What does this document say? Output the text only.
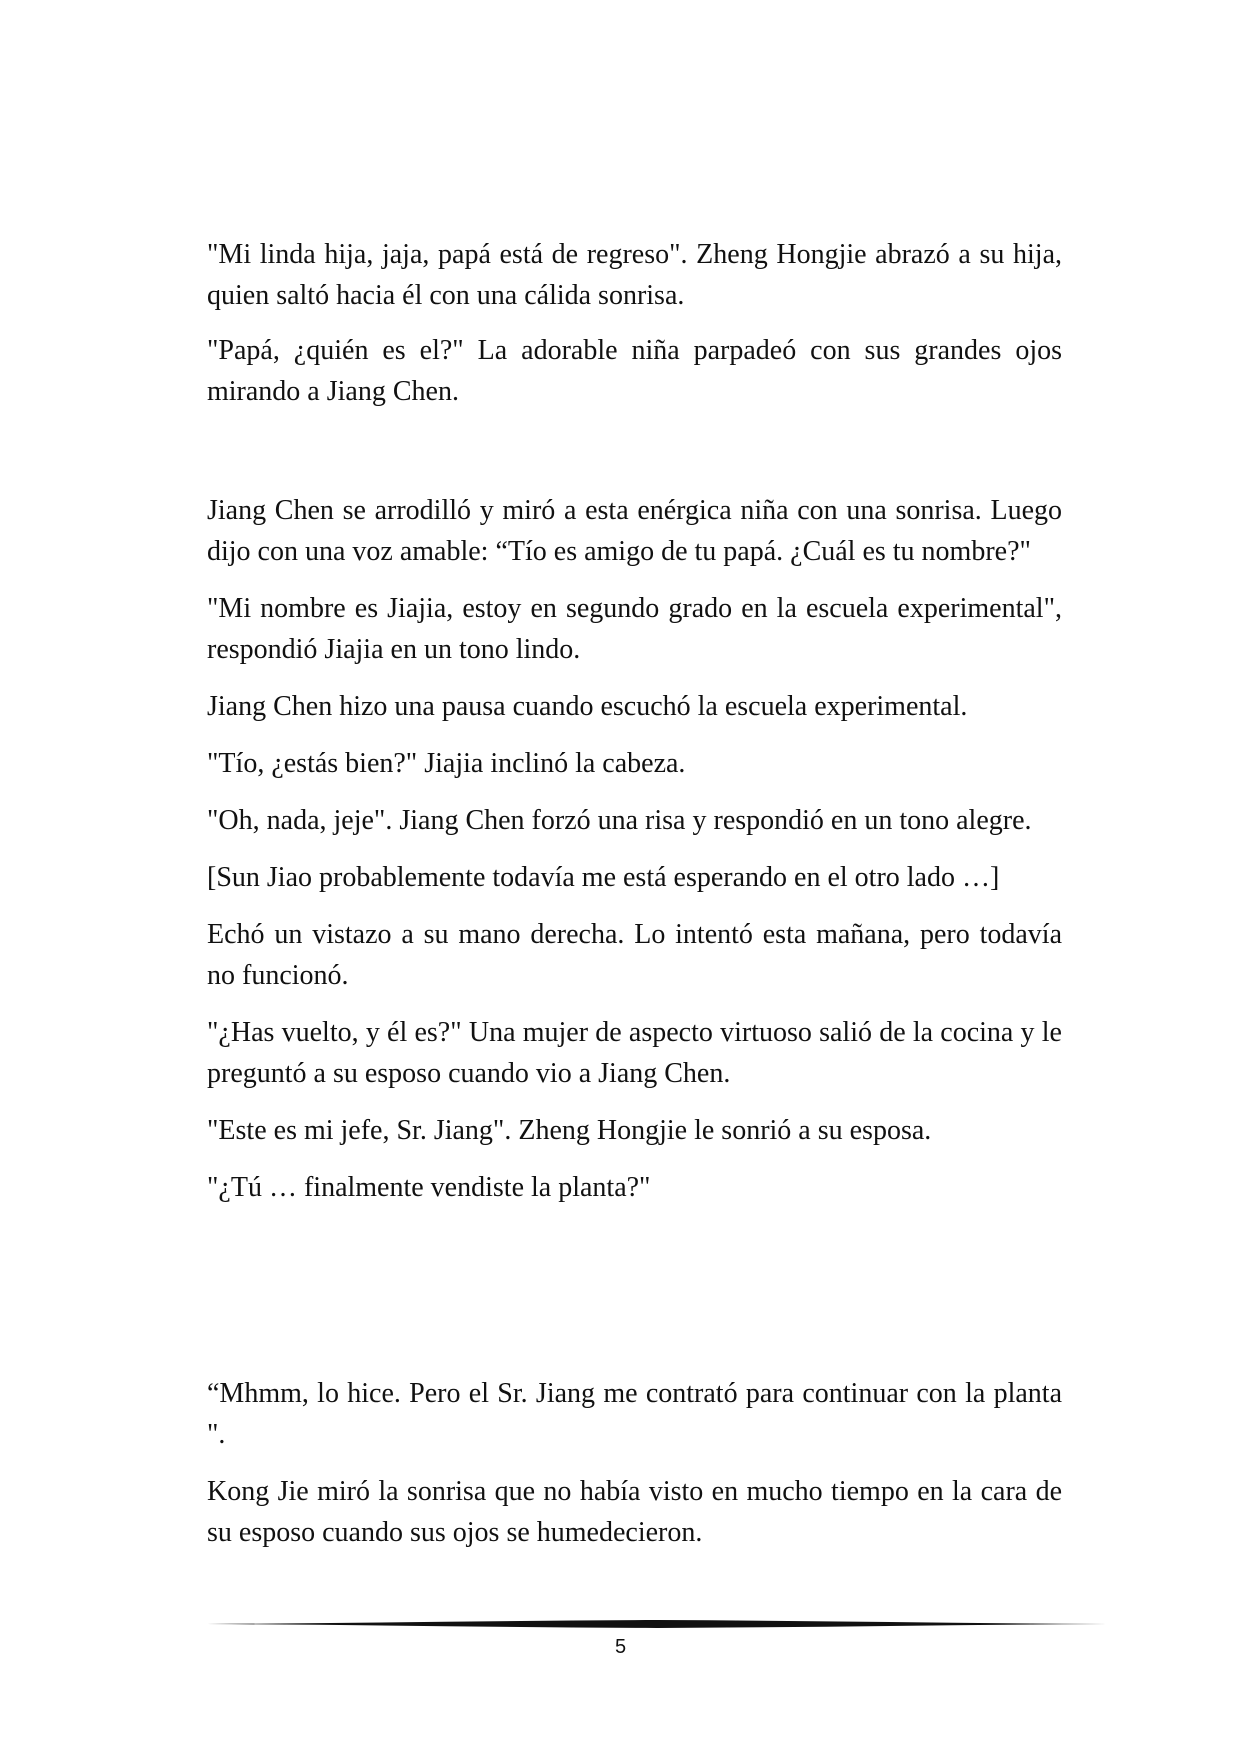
"Mi linda hija, jaja, papá está de regreso". Zheng Hongjie abrazó a su hija, quien saltó hacia él con una cálida sonrisa.

"Papá, ¿quién es el?" La adorable niña parpadeó con sus grandes ojos mirando a Jiang Chen.

Jiang Chen se arrodilló y miró a esta enérgica niña con una sonrisa. Luego dijo con una voz amable: “Tío es amigo de tu papá. ¿Cuál es tu nombre?"

"Mi nombre es Jiajia, estoy en segundo grado en la escuela experimental", respondió Jiajia en un tono lindo.

Jiang Chen hizo una pausa cuando escuchó la escuela experimental.

"Tío, ¿estás bien?" Jiajia inclinó la cabeza.

"Oh, nada, jeje". Jiang Chen forzó una risa y respondió en un tono alegre.

[Sun Jiao probablemente todavía me está esperando en el otro lado …]

Echó un vistazo a su mano derecha. Lo intentó esta mañana, pero todavía no funcionó.

"¿Has vuelto, y él es?" Una mujer de aspecto virtuoso salió de la cocina y le preguntó a su esposo cuando vio a Jiang Chen.

"Este es mi jefe, Sr. Jiang". Zheng Hongjie le sonrió a su esposa.

"¿Tú … finalmente vendiste la planta?"

“Mhmm, lo hice. Pero el Sr. Jiang me contrató para continuar con la planta ".

Kong Jie miró la sonrisa que no había visto en mucho tiempo en la cara de su esposo cuando sus ojos se humedecieron.

5
